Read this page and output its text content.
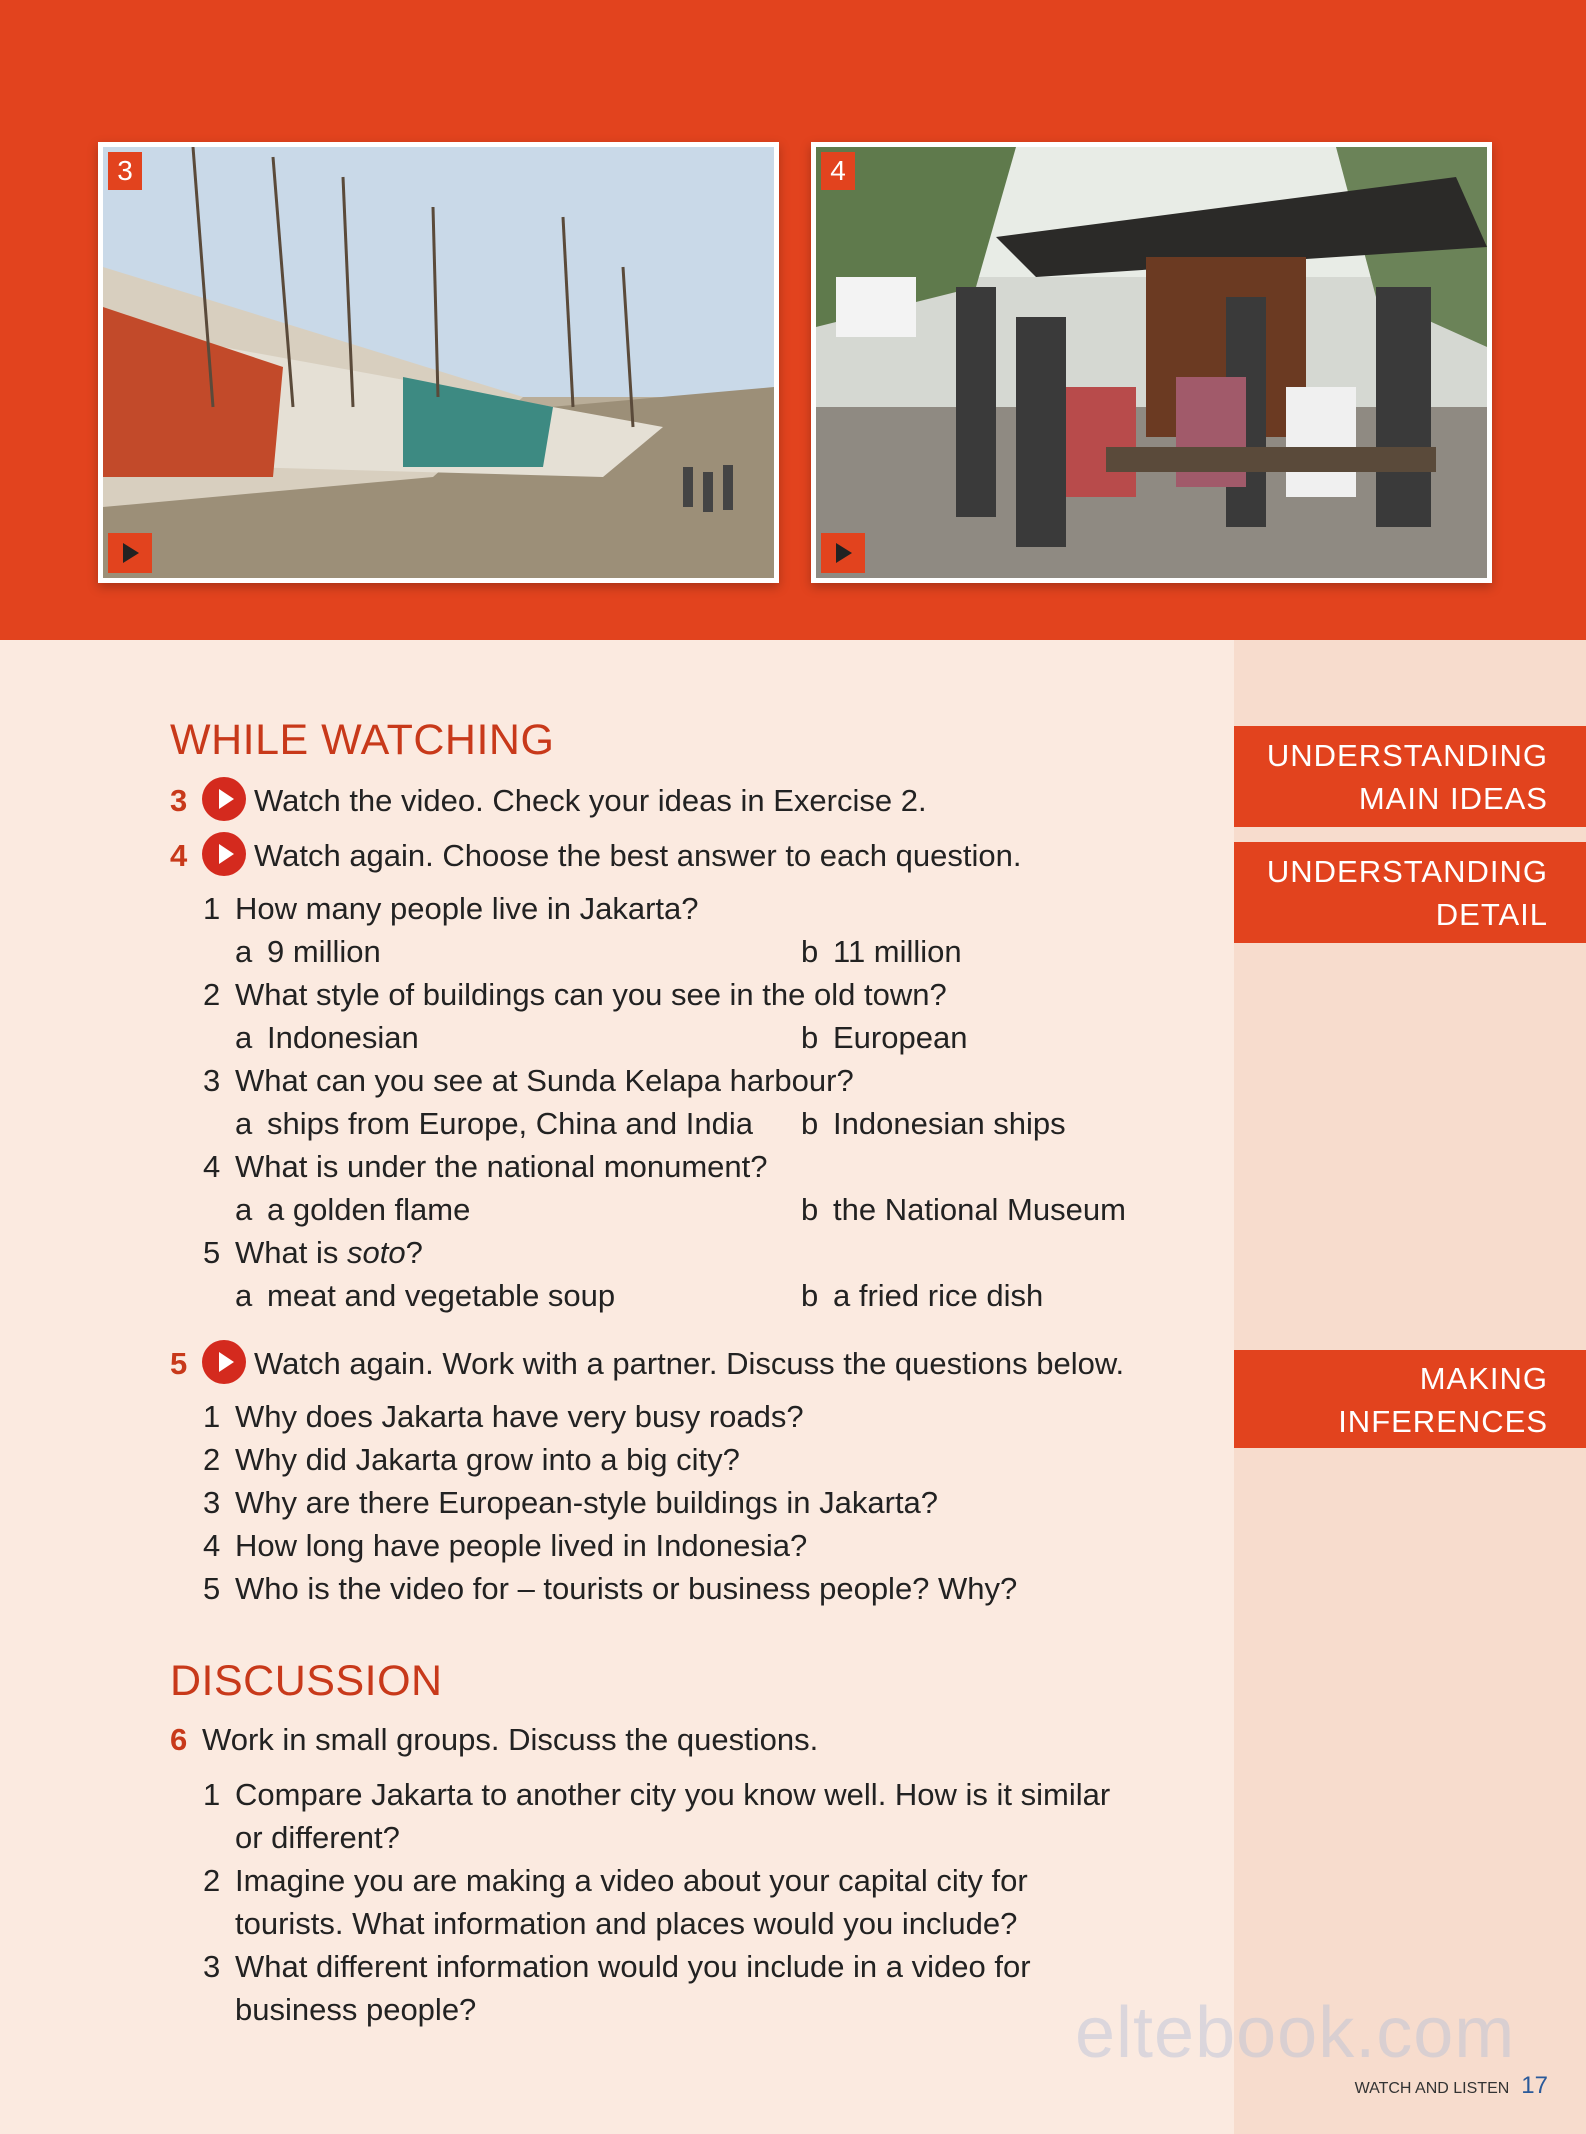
3	4
UNDERSTANDING
MAIN IDEAS
UNDERSTANDING
DETAIL
MAKING
INFERENCES
WHILE WATCHING
3 Watch the video. Check your ideas in Exercise 2.
4 Watch again. Choose the best answer to each question.
1 How many people live in Jakarta?
a 9 million	b 11 million
2 What style of buildings can you see in the old town?
a Indonesian	b European
3 What can you see at Sunda Kelapa harbour?
a ships from Europe, China and India b Indonesian ships
4 What is under the national monument?
a a golden flame	b the National Museum
5 What is soto?
a meat and vegetable soup	b a fried rice dish
5 Watch again. Work with a partner. Discuss the questions below.
1 Why does Jakarta have very busy roads?
2 Why did Jakarta grow into a big city?
3 Why are there European-style buildings in Jakarta?
4 How long have people lived in Indonesia?
5 Who is the video for – tourists or business people? Why?
DISCUSSION
6 Work in small groups. Discuss the questions.
1 Compare Jakarta to another city you know well. How is it similar
or different?
2 Imagine you are making a video about your capital city for
tourists. What information and places would you include?
3 What different information would you include in a video for
business people?	eltebook.com
WATCH AND LISTEN 17
